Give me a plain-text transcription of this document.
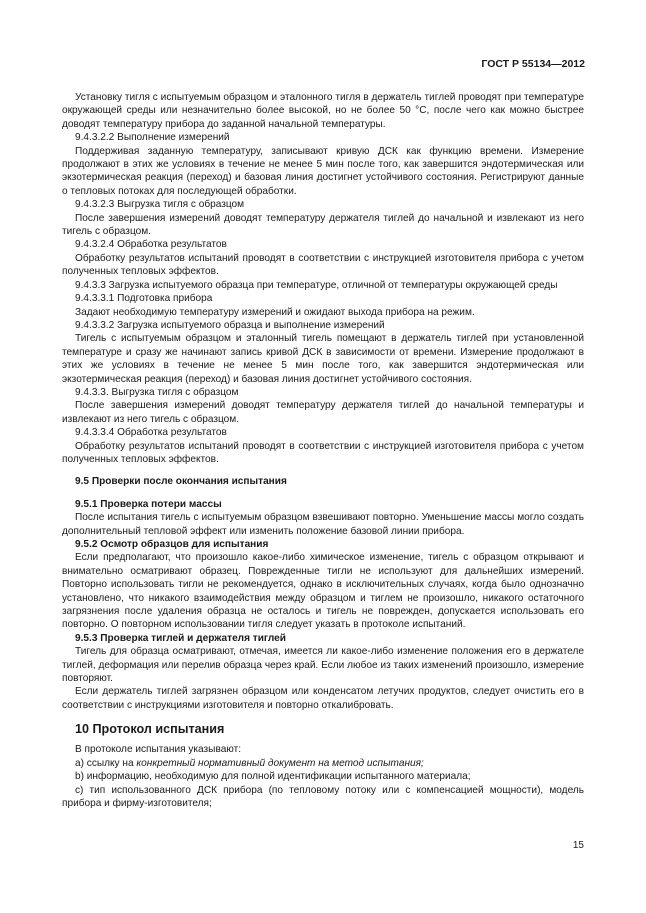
ГОСТ Р 55134—2012
Установку тигля с испытуемым образцом и эталонного тигля в держатель тиглей проводят при температуре окружающей среды или незначительно более высокой, но не более 50 °С, после чего как можно быстрее доводят температуру прибора до заданной начальной температуры.
9.4.3.2.2 Выполнение измерений
Поддерживая заданную температуру, записывают кривую ДСК как функцию времени. Измерение продолжают в этих же условиях в течение не менее 5 мин после того, как завершится эндотермическая или экзотермическая реакция (переход) и базовая линия достигнет устойчивого состояния. Регистрируют данные о тепловых потоках для последующей обработки.
9.4.3.2.3 Выгрузка тигля с образцом
После завершения измерений доводят температуру держателя тиглей до начальной и извлекают из него тигель с образцом.
9.4.3.2.4 Обработка результатов
Обработку результатов испытаний проводят в соответствии с инструкцией изготовителя прибора с учетом полученных тепловых эффектов.
9.4.3.3 Загрузка испытуемого образца при температуре, отличной от температуры окружающей среды
9.4.3.3.1 Подготовка прибора
Задают необходимую температуру измерений и ожидают выхода прибора на режим.
9.4.3.3.2 Загрузка испытуемого образца и выполнение измерений
Тигель с испытуемым образцом и эталонный тигель помещают в держатель тиглей при установленной температуре и сразу же начинают запись кривой ДСК в зависимости от времени. Измерение продолжают в этих же условиях в течение не менее 5 мин после того, как завершится эндотермическая или экзотермическая реакция (переход) и базовая линия достигнет устойчивого состояния.
9.4.3.3. Выгрузка тигля с образцом
После завершения измерений доводят температуру держателя тиглей до начальной температуры и извлекают из него тигель с образцом.
9.4.3.3.4 Обработка результатов
Обработку результатов испытаний проводят в соответствии с инструкцией изготовителя прибора с учетом полученных тепловых эффектов.
9.5 Проверки после окончания испытания
9.5.1 Проверка потери массы
После испытания тигель с испытуемым образцом взвешивают повторно. Уменьшение массы могло создать дополнительный тепловой эффект или изменить положение базовой линии прибора.
9.5.2 Осмотр образцов для испытания
Если предполагают, что произошло какое-либо химическое изменение, тигель с образцом открывают и внимательно осматривают образец. Поврежденные тигли не используют для дальнейших измерений. Повторно использовать тигли не рекомендуется, однако в исключительных случаях, когда было однозначно установлено, что никакого взаимодействия между образцом и тиглем не произошло, никакого остаточного загрязнения после удаления образца не осталось и тигель не поврежден, допускается использовать его повторно. О повторном использовании тигля следует указать в протоколе испытаний.
9.5.3 Проверка тиглей и держателя тиглей
Тигель для образца осматривают, отмечая, имеется ли какое-либо изменение положения его в держателе тиглей, деформация или перелив образца через край. Если любое из таких изменений произошло, измерение повторяют.
Если держатель тиглей загрязнен образцом или конденсатом летучих продуктов, следует очистить его в соответствии с инструкциями изготовителя и повторно откалибровать.
10 Протокол испытания
В протоколе испытания указывают:
а) ссылку на конкретный нормативный документ на метод испытания;
b) информацию, необходимую для полной идентификации испытанного материала;
с) тип использованного ДСК прибора (по тепловому потоку или с компенсацией мощности), модель прибора и фирму-изготовителя;
15
